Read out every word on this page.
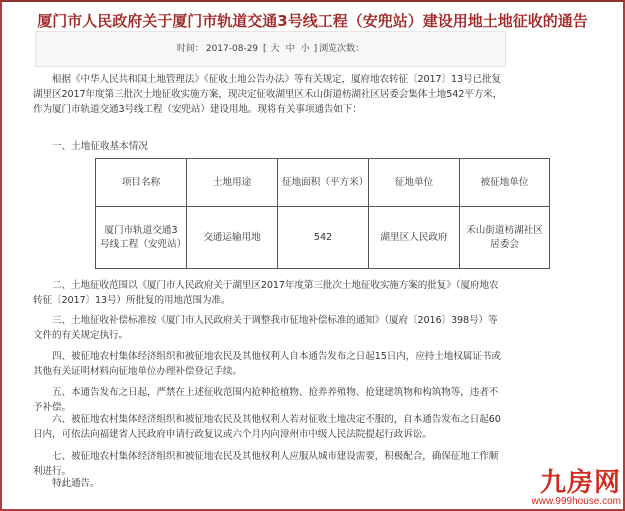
厦门市人民政府关于厦门市轨道交通3号线工程（安兜站）建设用地土地征收的通告
时间： 2017-08-29 [ 大 中 小 ] 浏览次数：
根据《中华人民共和国土地管理法》《征收土地公告办法》等有关规定，厦府地农转征〔2017〕13号已批复湖里区2017年度第三批次土地征收实施方案，现决定征收湖里区禾山街道枋湖社区居委会集体土地542平方米，作为厦门市轨道交通3号线工程（安兜站）建设用地。现将有关事项通告如下：
一、土地征收基本情况
项目名称	土地用途	征地面积（平方米）	征地单位	被征地单位
厦门市轨道交通3号线工程（安兜站）	交通运输用地	542	湖里区人民政府	禾山街道枋湖社区居委会
二、土地征收范围以《厦门市人民政府关于湖里区2017年度第三批次土地征收实施方案的批复》（厦府地农转征〔2017〕13号）所批复的用地范围为准。
三、土地征收补偿标准按《厦门市人民政府关于调整我市征地补偿标准的通知》（厦府〔2016〕398号）等文件的有关规定执行。
四、被征地农村集体经济组织和被征地农民及其他权利人自本通告发布之日起15日内，应持土地权属证书或其他有关证明材料向征地单位办理补偿登记手续。
五、本通告发布之日起，严禁在上述征收范围内抢种抢植物、抢养养殖物、抢建建筑物和构筑物等，违者不予补偿。
六、被征地农村集体经济组织和被征地农民及其他权利人若对征收土地决定不服的，自本通告发布之日起60日内，可依法向福建省人民政府申请行政复议或六个月内向漳州市中级人民法院提起行政诉讼。
七、被征地农村集体经济组织和被征地农民及其他权利人应服从城市建设需要，积极配合，确保征地工作顺利进行。
特此通告。	九房网
www.999house.com
